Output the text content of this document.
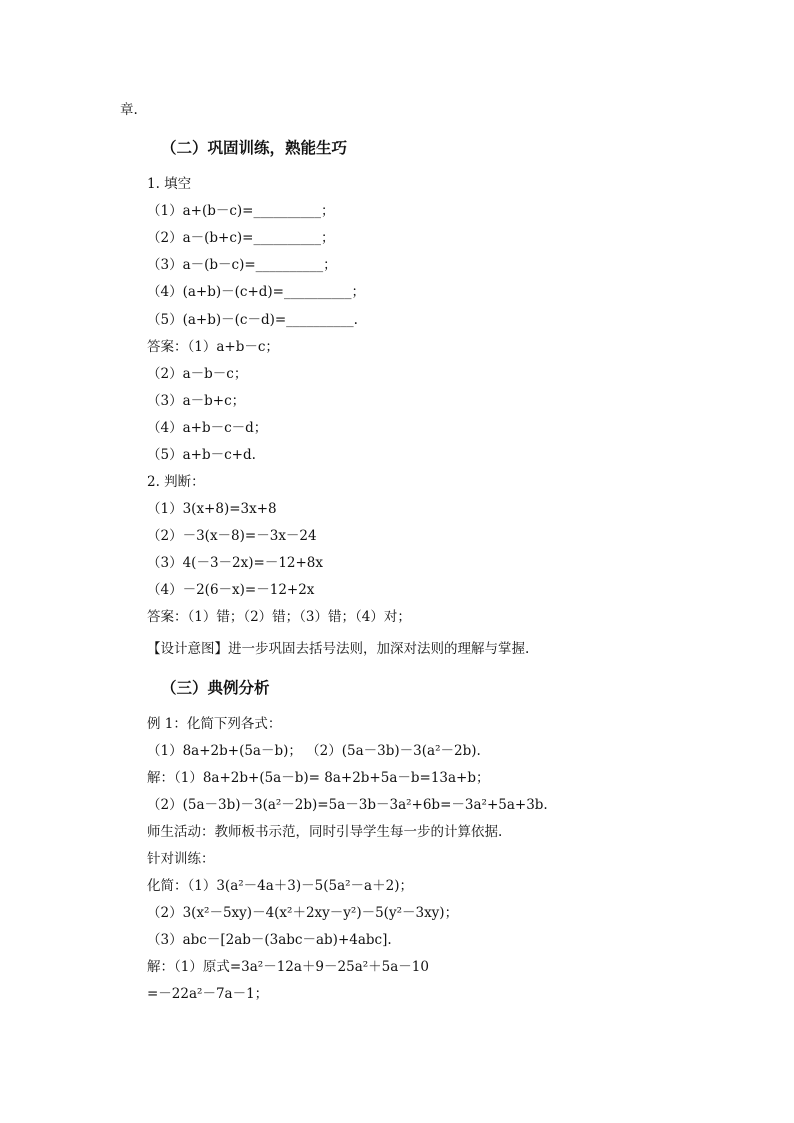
章.
（二）巩固训练，熟能生巧
1. 填空
（1）a+(b－c)=__________；
（2）a－(b+c)=__________；
（3）a－(b－c)=__________；
（4）(a+b)－(c+d)=__________；
（5）(a+b)－(c－d)=__________.
答案：（1）a+b－c；
（2）a－b－c；
（3）a－b+c；
（4）a+b－c－d；
（5）a+b－c+d.
2. 判断：
（1）3(x+8)=3x+8
（2）－3(x－8)=－3x－24
（3）4(－3－2x)=－12+8x
（4）－2(6－x)=－12+2x
答案：（1）错；（2）错；（3）错；（4）对；
【设计意图】进一步巩固去括号法则，加深对法则的理解与掌握.
（三）典例分析
例 1：化简下列各式：
（1）8a+2b+(5a－b)； （2）(5a－3b)－3(a²－2b).
解：（1）8a+2b+(5a－b)= 8a+2b+5a－b=13a+b；
（2）(5a－3b)－3(a²－2b)=5a－3b－3a²+6b=－3a²+5a+3b.
师生活动：教师板书示范，同时引导学生每一步的计算依据.
针对训练：
化简：（1）3(a²－4a＋3)－5(5a²－a＋2)；
（2）3(x²－5xy)－4(x²＋2xy－y²)－5(y²－3xy)；
（3）abc－[2ab－(3abc－ab)+4abc].
解：（1）原式=3a²－12a＋9－25a²＋5a－10
=－22a²－7a－1；
